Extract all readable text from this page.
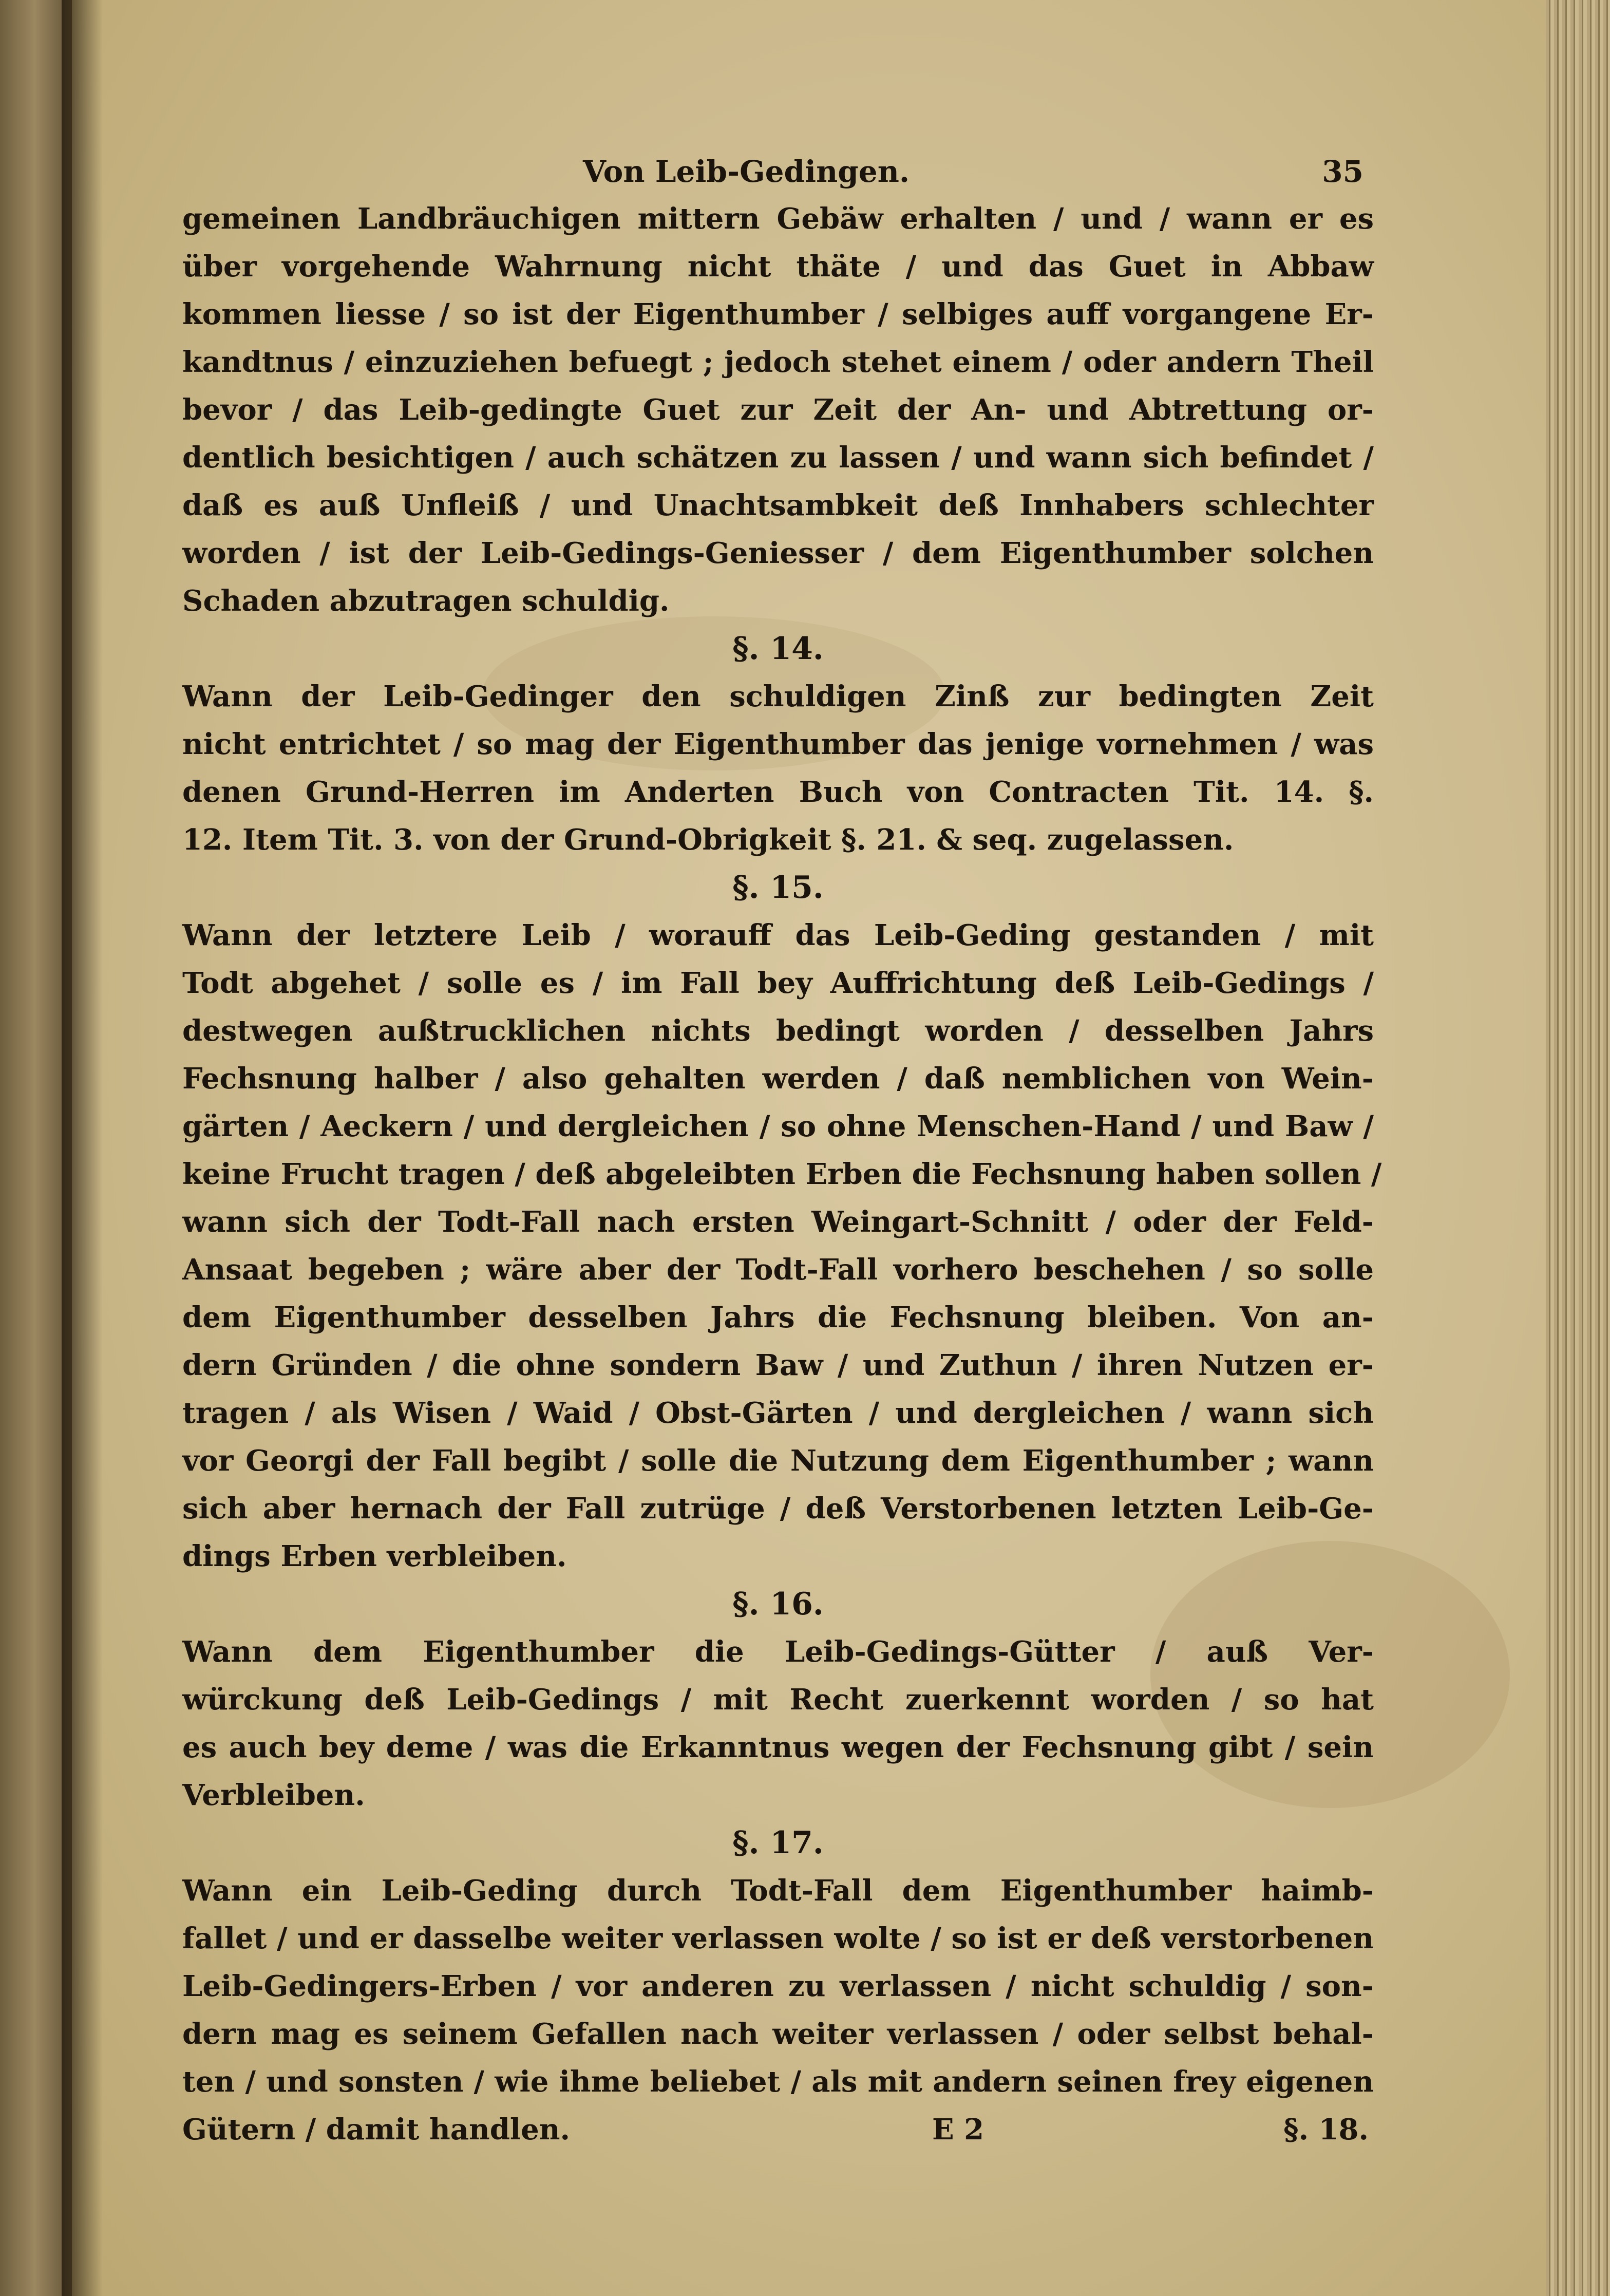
Von Leib-Gedingen.	35
gemeinen Landbräuchigen mittern Gebäw erhalten / und / wann er es
über vorgehende Wahrnung nicht thäte / und das Guet in Abbaw
kommen liesse / so ist der Eigenthumber / selbiges auff vorgangene Er-
kandtnus / einzuziehen befuegt ; jedoch stehet einem / oder andern Theil
bevor / das Leib-gedingte Guet zur Zeit der An- und Abtrettung or-
dentlich besichtigen / auch schätzen zu lassen / und wann sich befindet /
daß es auß Unfleiß / und Unachtsambkeit deß Innhabers schlechter
worden / ist der Leib-Gedings-Geniesser / dem Eigenthumber solchen
Schaden abzutragen schuldig.
§. 14.
Wann der Leib-Gedinger den schuldigen Zinß zur bedingten Zeit
nicht entrichtet / so mag der Eigenthumber das jenige vornehmen / was
denen Grund-Herren im Anderten Buch von Contracten Tit. 14. §.
12. Item Tit. 3. von der Grund-Obrigkeit §. 21. & seq. zugelassen.
§. 15.
Wann der letztere Leib / worauff das Leib-Geding gestanden / mit
Todt abgehet / solle es / im Fall bey Auffrichtung deß Leib-Gedings /
destwegen außtrucklichen nichts bedingt worden / desselben Jahrs
Fechsnung halber / also gehalten werden / daß nemblichen von Wein-
gärten / Aeckern / und dergleichen / so ohne Menschen-Hand / und Baw /
keine Frucht tragen / deß abgeleibten Erben die Fechsnung haben sollen /
wann sich der Todt-Fall nach ersten Weingart-Schnitt / oder der Feld-
Ansaat begeben ; wäre aber der Todt-Fall vorhero beschehen / so solle
dem Eigenthumber desselben Jahrs die Fechsnung bleiben. Von an-
dern Gründen / die ohne sondern Baw / und Zuthun / ihren Nutzen er-
tragen / als Wisen / Waid / Obst-Gärten / und dergleichen / wann sich
vor Georgi der Fall begibt / solle die Nutzung dem Eigenthumber ; wann
sich aber hernach der Fall zutrüge / deß Verstorbenen letzten Leib-Ge-
dings Erben verbleiben.
§. 16.
Wann dem Eigenthumber die Leib-Gedings-Gütter / auß Ver-
würckung deß Leib-Gedings / mit Recht zuerkennt worden / so hat
es auch bey deme / was die Erkanntnus wegen der Fechsnung gibt / sein
Verbleiben.
§. 17.
Wann ein Leib-Geding durch Todt-Fall dem Eigenthumber haimb-
fallet / und er dasselbe weiter verlassen wolte / so ist er deß verstorbenen
Leib-Gedingers-Erben / vor anderen zu verlassen / nicht schuldig / son-
dern mag es seinem Gefallen nach weiter verlassen / oder selbst behal-
ten / und sonsten / wie ihme beliebet / als mit andern seinen frey eigenen
Gütern / damit handlen.	E 2	§. 18.
